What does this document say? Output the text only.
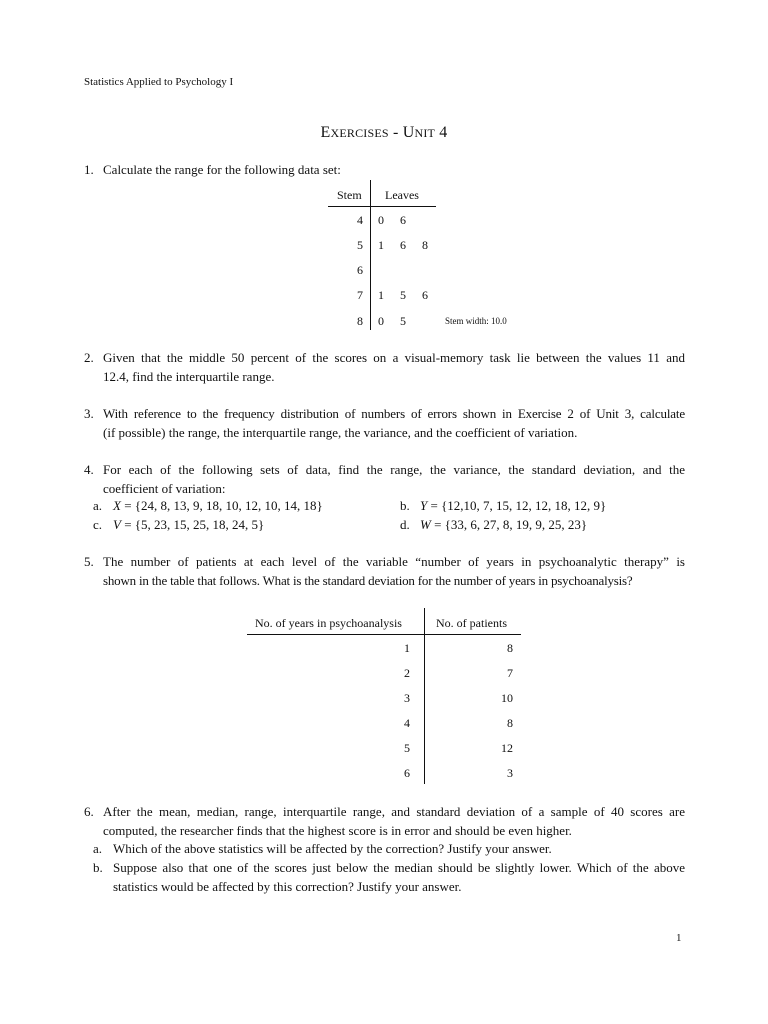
Statistics Applied to Psychology I
EXERCISES - UNIT 4
1. Calculate the range for the following data set:
Stem Leaves
4 0 6
5 1 6 8
6
7 1 5 6
8 0 5	Stem width: 10.0
2. Given that the middle 50 percent of the scores on a visual-memory task lie between the values 11 and
12.4, find the interquartile range.
3. With reference to the frequency distribution of numbers of errors shown in Exercise 2 of Unit 3, calculate
(if possible) the range, the interquartile range, the variance, and the coefficient of variation.
4. For each of the following sets of data, find the range, the variance, the standard deviation, and the
coefficient of variation:
a. X = {24, 8, 13, 9, 18, 10, 12, 10, 14, 18}	b. Y = {12,10, 7, 15, 12, 12, 18, 12, 9}
c. V = {5, 23, 15, 25, 18, 24, 5}	d. W = {33, 6, 27, 8, 19, 9, 25, 23}
5. The number of patients at each level of the variable “number of years in psychoanalytic therapy” is
shown in the table that follows. What is the standard deviation for the number of years in psychoanalysis?
No. of years in psychoanalysis	No. of patients
1	8
2	7
3	10
4	8
5	12
6	3
6. After the mean, median, range, interquartile range, and standard deviation of a sample of 40 scores are
computed, the researcher finds that the highest score is in error and should be even higher.
a. Which of the above statistics will be affected by the correction? Justify your answer.
b. Suppose also that one of the scores just below the median should be slightly lower. Which of the above
statistics would be affected by this correction? Justify your answer.
1
